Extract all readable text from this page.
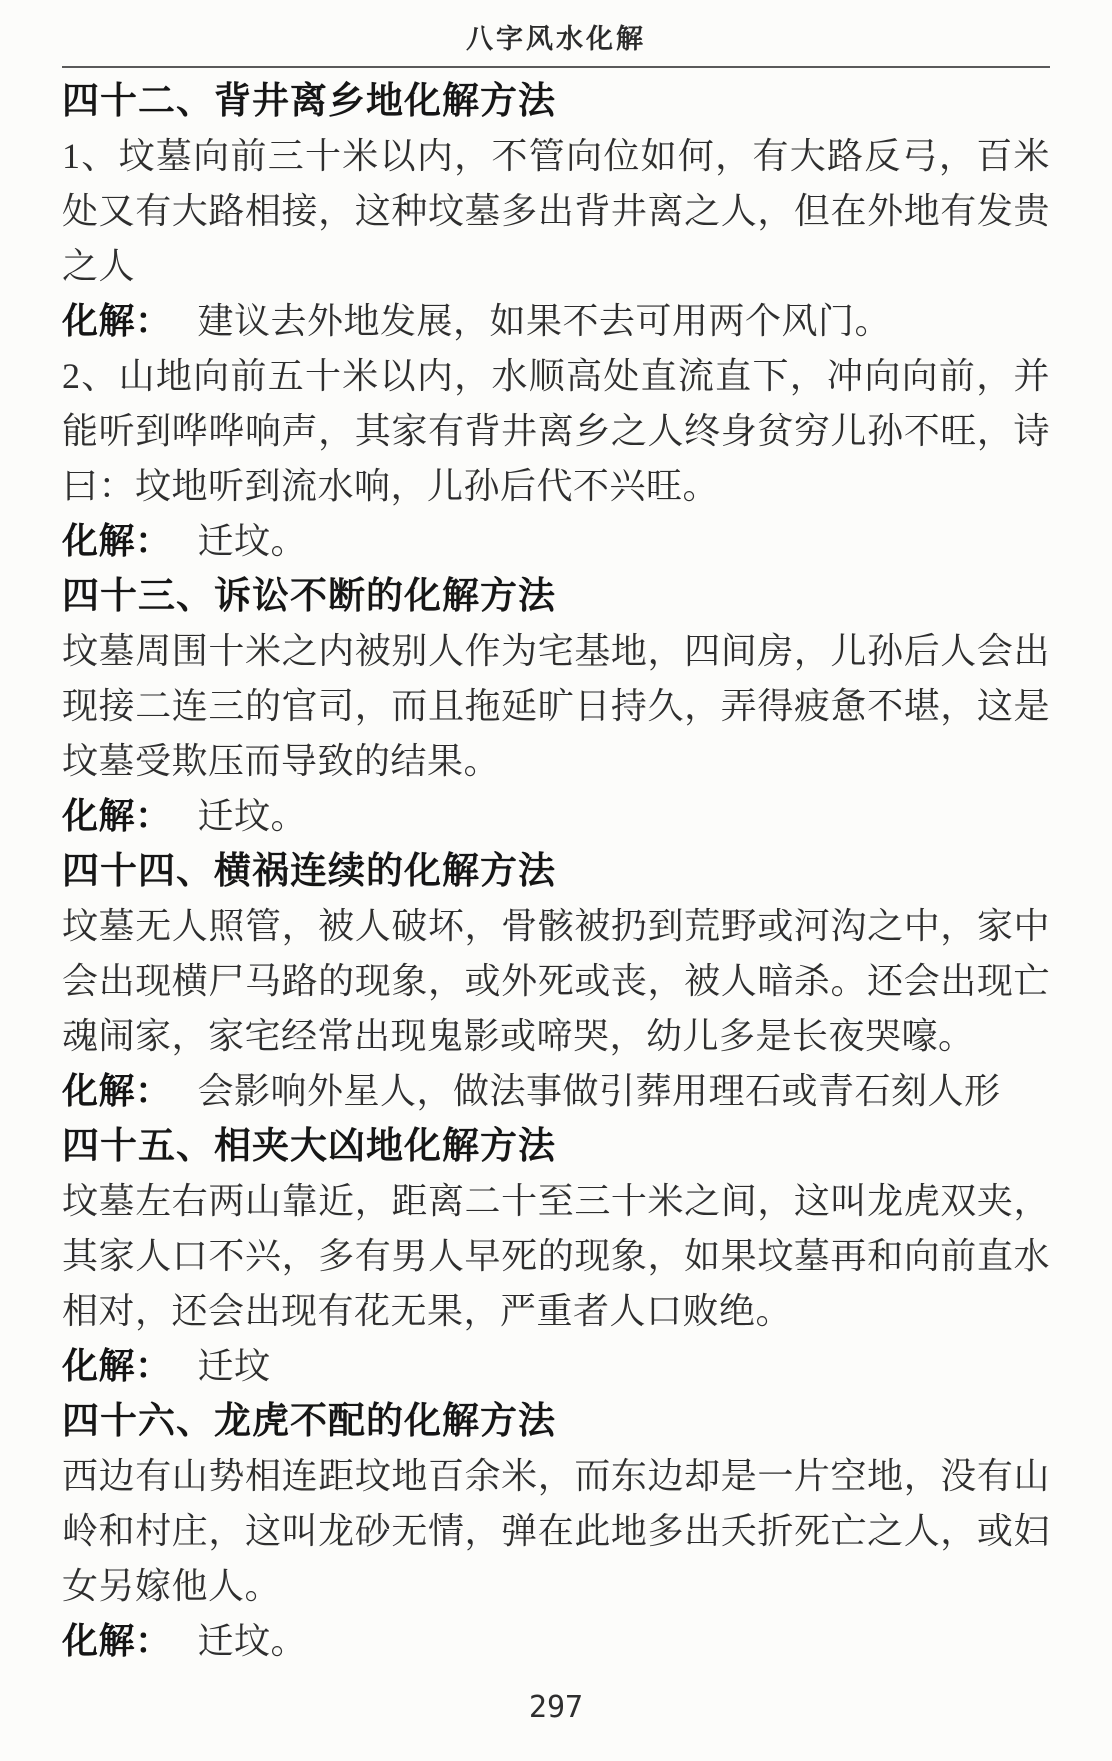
八字风水化解
四十二、背井离乡地化解方法

1、坟墓向前三十米以内，不管向位如何，有大路反弓，百米处又有大路相接，这种坟墓多出背井离之人，但在外地有发贵之人

化解： 建议去外地发展，如果不去可用两个风门。

2、山地向前五十米以内，水顺高处直流直下，冲向向前，并能听到哗哗响声，其家有背井离乡之人终身贫穷儿孙不旺，诗曰：坟地听到流水响，儿孙后代不兴旺。

化解： 迁坟。

四十三、诉讼不断的化解方法

坟墓周围十米之内被别人作为宅基地，四间房，儿孙后人会出现接二连三的官司，而且拖延旷日持久，弄得疲惫不堪，这是坟墓受欺压而导致的结果。

化解： 迁坟。

四十四、横祸连续的化解方法

坟墓无人照管，被人破坏，骨骸被扔到荒野或河沟之中，家中会出现横尸马路的现象，或外死或丧，被人暗杀。还会出现亡魂闹家，家宅经常出现鬼影或啼哭，幼儿多是长夜哭嚎。

化解： 会影响外星人，做法事做引葬用理石或青石刻人形

四十五、相夹大凶地化解方法

坟墓左右两山靠近，距离二十至三十米之间，这叫龙虎双夹，其家人口不兴，多有男人早死的现象，如果坟墓再和向前直水相对，还会出现有花无果，严重者人口败绝。

化解： 迁坟

四十六、龙虎不配的化解方法

西边有山势相连距坟地百余米，而东边却是一片空地，没有山岭和村庄，这叫龙砂无情，弹在此地多出夭折死亡之人，或妇女另嫁他人。

化解： 迁坟。

297
